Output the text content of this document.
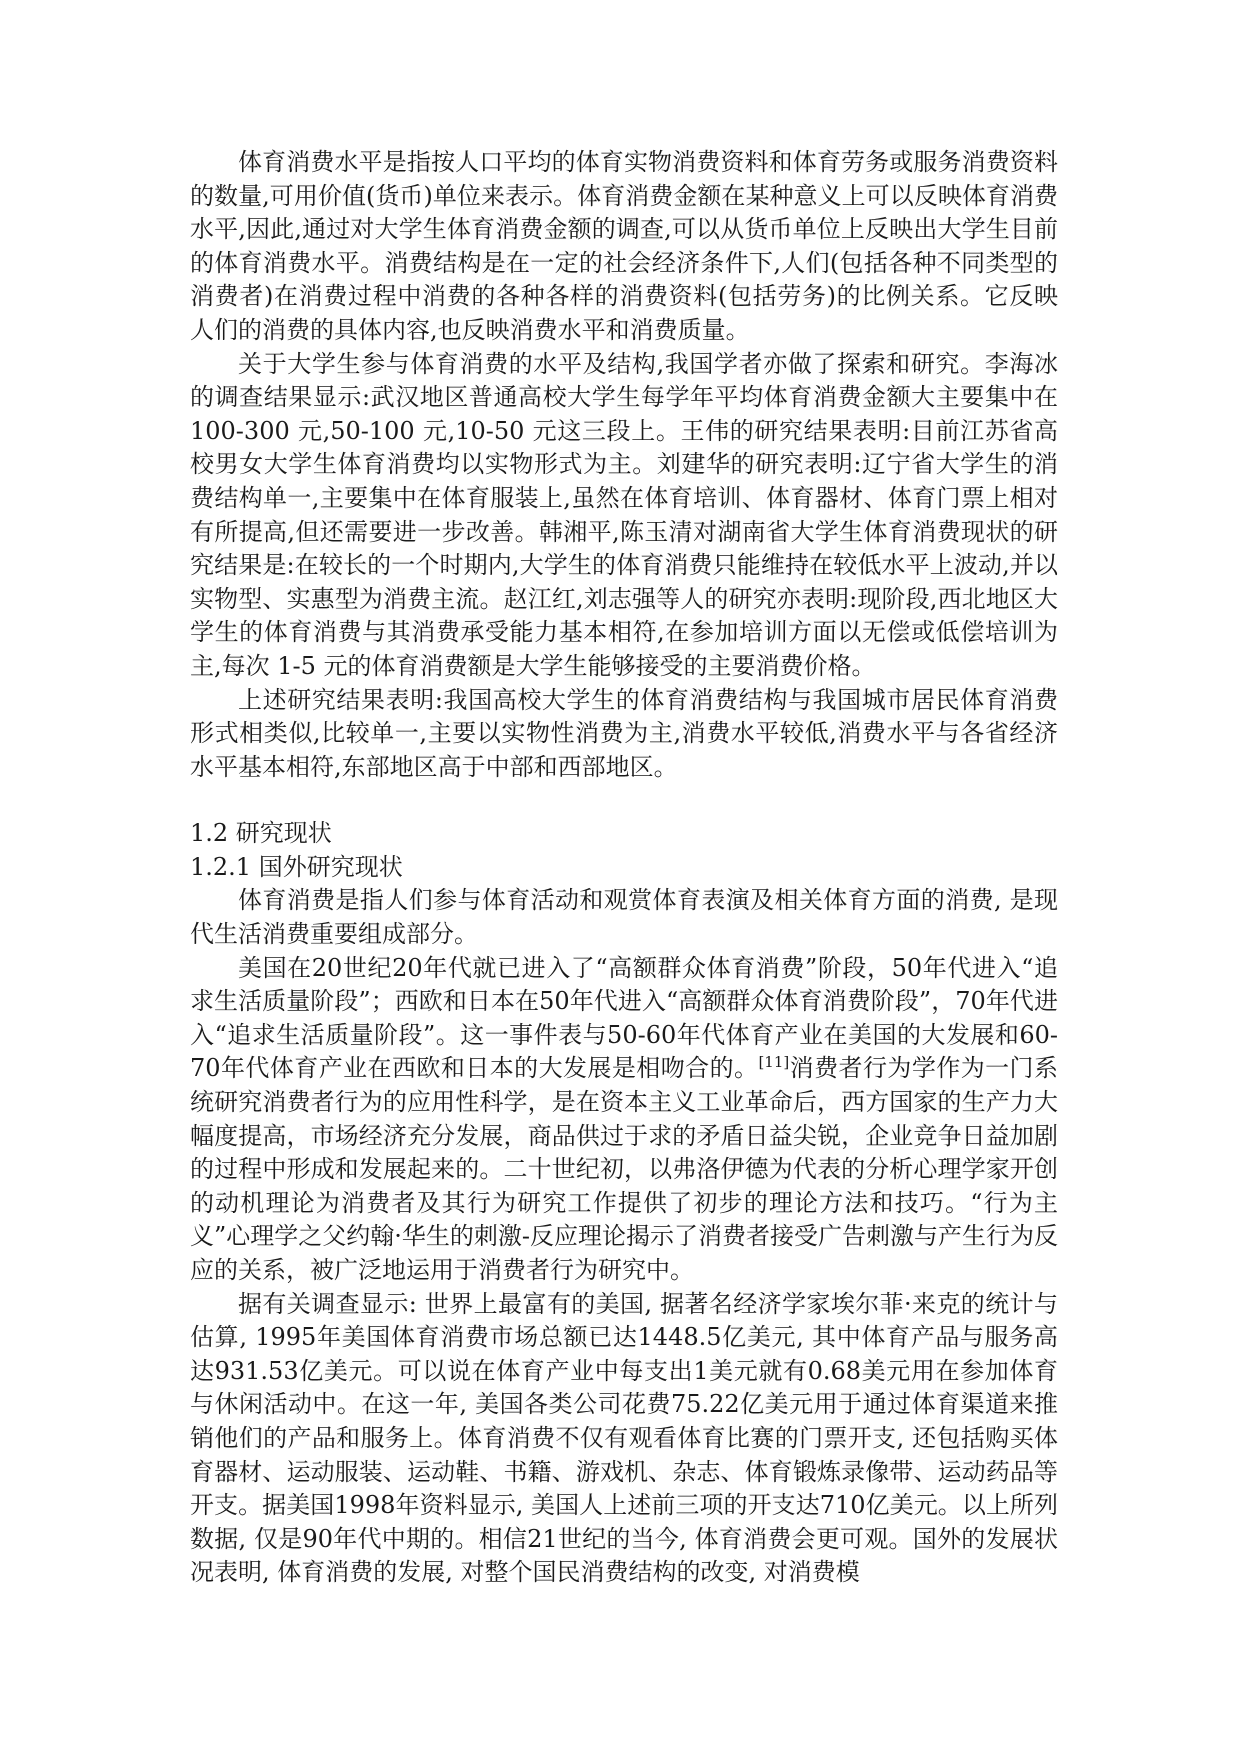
体育消费水平是指按人口平均的体育实物消费资料和体育劳务或服务消费资料的数量,可用价值(货币)单位来表示。体育消费金额在某种意义上可以反映体育消费水平,因此,通过对大学生体育消费金额的调查,可以从货币单位上反映出大学生目前的体育消费水平。消费结构是在一定的社会经济条件下,人们(包括各种不同类型的消费者)在消费过程中消费的各种各样的消费资料(包括劳务)的比例关系。它反映人们的消费的具体内容,也反映消费水平和消费质量。

关于大学生参与体育消费的水平及结构,我国学者亦做了探索和研究。李海冰的调查结果显示:武汉地区普通高校大学生每学年平均体育消费金额大主要集中在 100-300 元,50-100 元,10-50 元这三段上。王伟的研究结果表明:目前江苏省高校男女大学生体育消费均以实物形式为主。刘建华的研究表明:辽宁省大学生的消费结构单一,主要集中在体育服装上,虽然在体育培训、体育器材、体育门票上相对有所提高,但还需要进一步改善。韩湘平,陈玉清对湖南省大学生体育消费现状的研究结果是:在较长的一个时期内,大学生的体育消费只能维持在较低水平上波动,并以实物型、实惠型为消费主流。赵江红,刘志强等人的研究亦表明:现阶段,西北地区大学生的体育消费与其消费承受能力基本相符,在参加培训方面以无偿或低偿培训为主,每次 1-5 元的体育消费额是大学生能够接受的主要消费价格。

上述研究结果表明:我国高校大学生的体育消费结构与我国城市居民体育消费形式相类似,比较单一,主要以实物性消费为主,消费水平较低,消费水平与各省经济水平基本相符,东部地区高于中部和西部地区。

1.2 研究现状

1.2.1 国外研究现状

体育消费是指人们参与体育活动和观赏体育表演及相关体育方面的消费, 是现代生活消费重要组成部分。

美国在20世纪20年代就已进入了“高额群众体育消费”阶段，50年代进入“追求生活质量阶段”；西欧和日本在50年代进入“高额群众体育消费阶段”，70年代进入“追求生活质量阶段”。这一事件表与50-60年代体育产业在美国的大发展和60-70年代体育产业在西欧和日本的大发展是相吻合的。[11]消费者行为学作为一门系统研究消费者行为的应用性科学，是在资本主义工业革命后，西方国家的生产力大幅度提高，市场经济充分发展，商品供过于求的矛盾日益尖锐，企业竞争日益加剧的过程中形成和发展起来的。二十世纪初，以弗洛伊德为代表的分析心理学家开创的动机理论为消费者及其行为研究工作提供了初步的理论方法和技巧。“行为主义”心理学之父约翰·华生的刺激-反应理论揭示了消费者接受广告刺激与产生行为反应的关系，被广泛地运用于消费者行为研究中。

据有关调查显示: 世界上最富有的美国, 据著名经济学家埃尔菲·来克的统计与估算, 1995年美国体育消费市场总额已达1448.5亿美元, 其中体育产品与服务高达931.53亿美元。可以说在体育产业中每支出1美元就有0.68美元用在参加体育与休闲活动中。在这一年, 美国各类公司花费75.22亿美元用于通过体育渠道来推销他们的产品和服务上。体育消费不仅有观看体育比赛的门票开支, 还包括购买体育器材、运动服装、运动鞋、书籍、游戏机、杂志、体育锻炼录像带、运动药品等开支。据美国1998年资料显示, 美国人上述前三项的开支达710亿美元。以上所列数据, 仅是90年代中期的。相信21世纪的当今, 体育消费会更可观。国外的发展状况表明, 体育消费的发展, 对整个国民消费结构的改变, 对消费模
